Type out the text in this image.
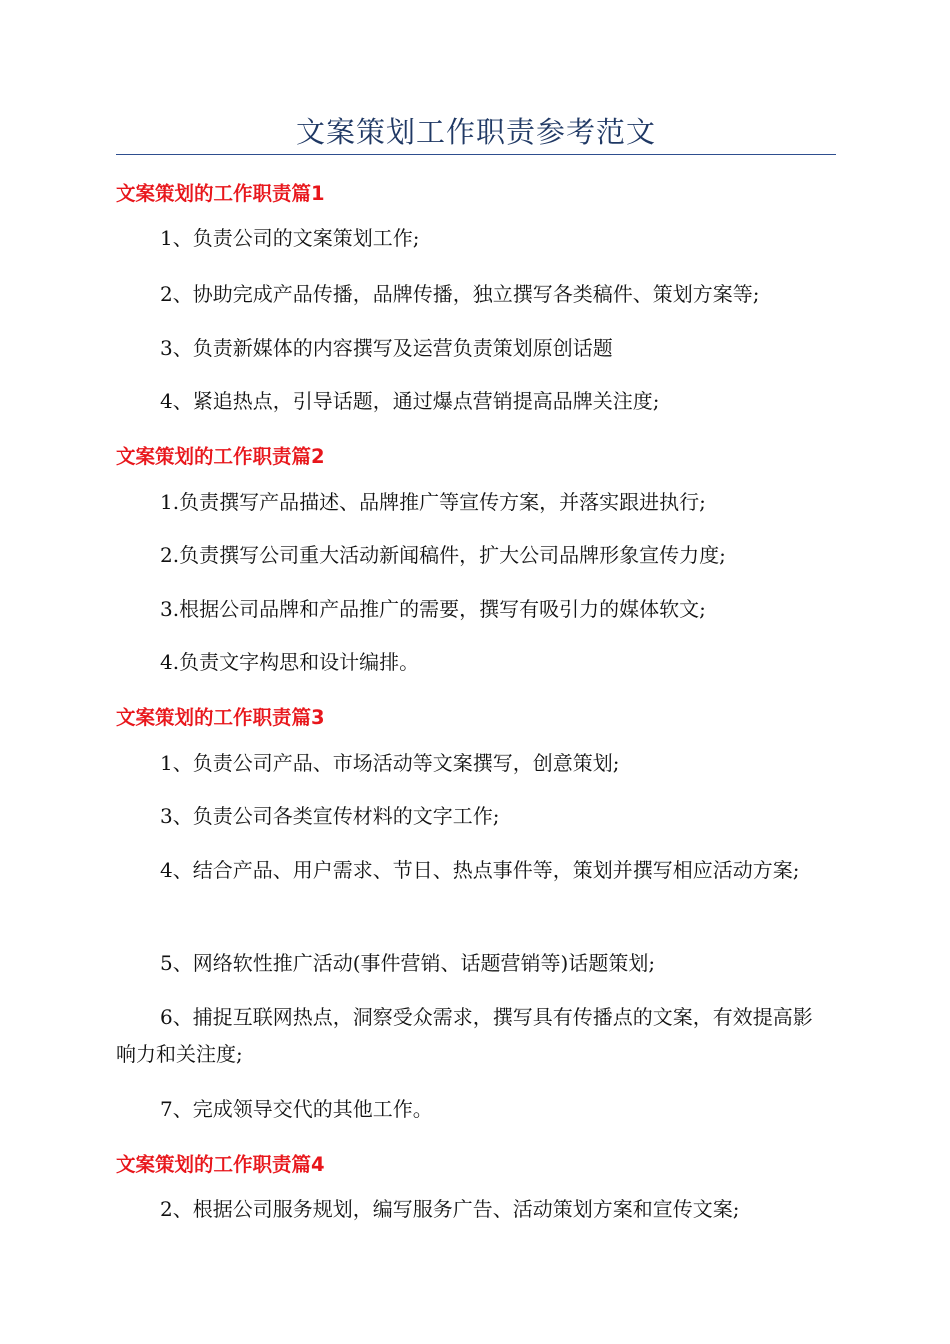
文案策划工作职责参考范文
文案策划的工作职责篇1
1、负责公司的文案策划工作;
2、协助完成产品传播，品牌传播，独立撰写各类稿件、策划方案等;
3、负责新媒体的内容撰写及运营负责策划原创话题
4、紧追热点，引导话题，通过爆点营销提高品牌关注度;
文案策划的工作职责篇2
1.负责撰写产品描述、品牌推广等宣传方案，并落实跟进执行;
2.负责撰写公司重大活动新闻稿件，扩大公司品牌形象宣传力度;
3.根据公司品牌和产品推广的需要，撰写有吸引力的媒体软文;
4.负责文字构思和设计编排。
文案策划的工作职责篇3
1、负责公司产品、市场活动等文案撰写，创意策划;
3、负责公司各类宣传材料的文字工作;
4、结合产品、用户需求、节日、热点事件等，策划并撰写相应活动方案;
5、网络软性推广活动(事件营销、话题营销等)话题策划;
6、捕捉互联网热点，洞察受众需求，撰写具有传播点的文案，有效提高影响力和关注度;
7、完成领导交代的其他工作。
文案策划的工作职责篇4
2、根据公司服务规划，编写服务广告、活动策划方案和宣传文案;
